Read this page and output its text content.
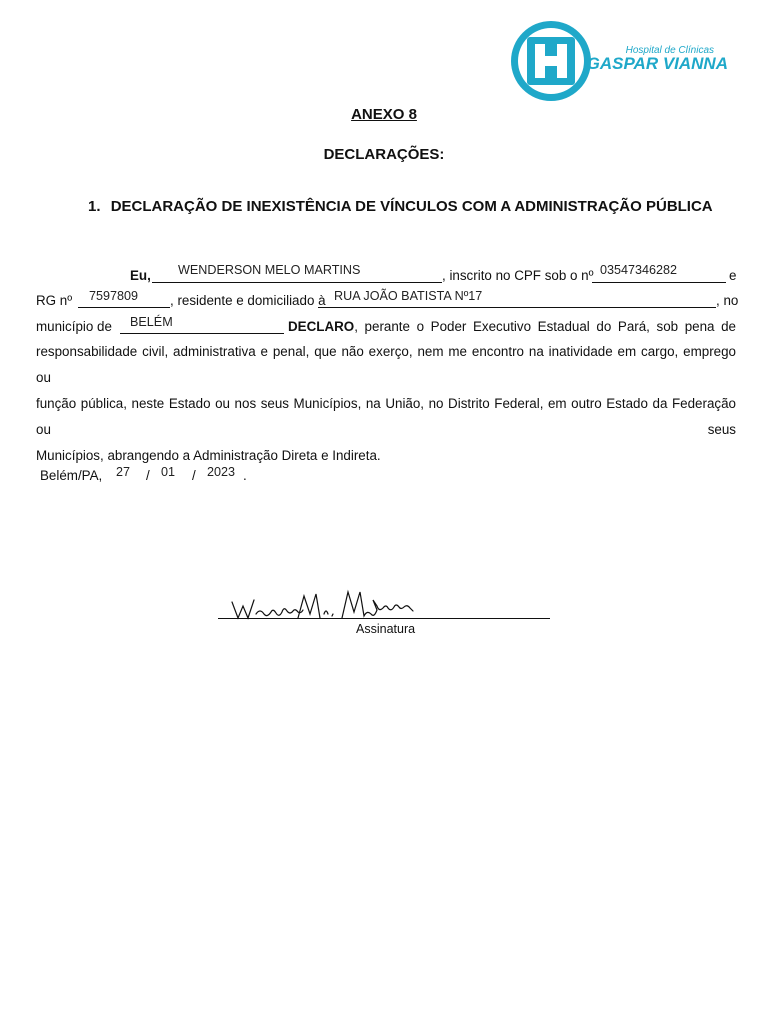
Hospital de Clínicas
GASPAR VIANNA
ANEXO 8
DECLARAÇÕES:
1. DECLARAÇÃO DE INEXISTÊNCIA DE VÍNCULOS COM A ADMINISTRAÇÃO PÚBLICA
Eu, WENDERSON MELO MARTINS	, inscrito no CPF sob o nº 03547346282	e
RG nº 7597809 , residente e domiciliado à RUA JOÃO BATISTA Nº17	, no
município de BELÉM	DECLARO , perante o Poder Executivo Estadual do Pará, sob pena de
responsabilidade civil, administrativa e penal, que não exerço, nem me encontro na inatividade em cargo, emprego ou
função pública, neste Estado ou nos seus Municípios, na União, no Distrito Federal, em outro Estado da Federação ou seus
Municípios, abrangendo a Administração Direta e Indireta.
Belém/PA, 27 / 01 / 2023 .
Assinatura
